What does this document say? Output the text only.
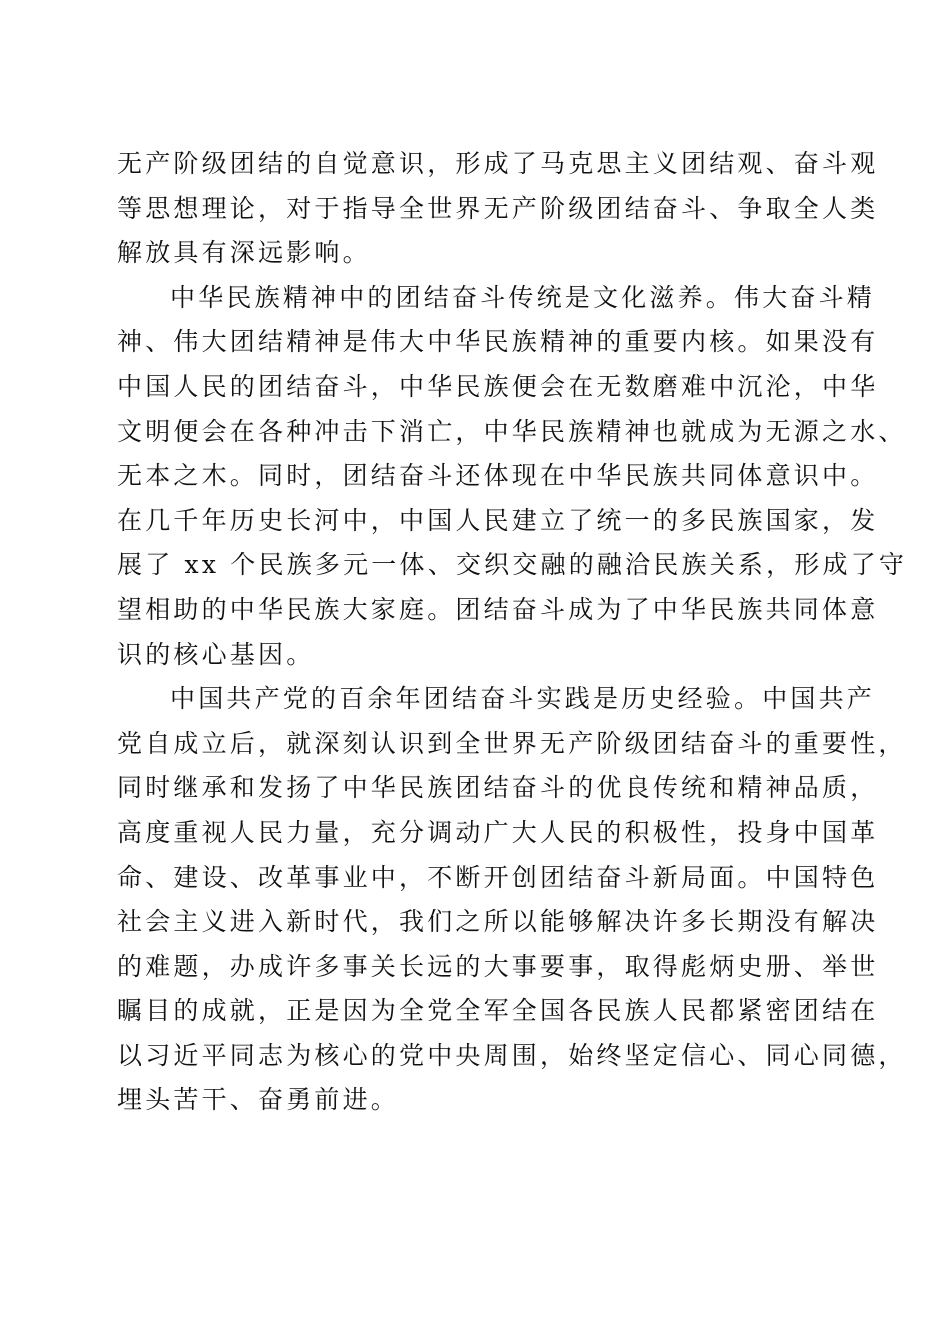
无产阶级团结的自觉意识，形成了马克思主义团结观、奋斗观
等思想理论，对于指导全世界无产阶级团结奋斗、争取全人类
解放具有深远影响。
中华民族精神中的团结奋斗传统是文化滋养。伟大奋斗精
神、伟大团结精神是伟大中华民族精神的重要内核。如果没有
中国人民的团结奋斗，中华民族便会在无数磨难中沉沦，中华
文明便会在各种冲击下消亡，中华民族精神也就成为无源之水、
无本之木。同时，团结奋斗还体现在中华民族共同体意识中。
在几千年历史长河中，中国人民建立了统一的多民族国家，发
展了 xx 个民族多元一体、交织交融的融洽民族关系，形成了守
望相助的中华民族大家庭。团结奋斗成为了中华民族共同体意
识的核心基因。
中国共产党的百余年团结奋斗实践是历史经验。中国共产
党自成立后，就深刻认识到全世界无产阶级团结奋斗的重要性，
同时继承和发扬了中华民族团结奋斗的优良传统和精神品质，
高度重视人民力量，充分调动广大人民的积极性，投身中国革
命、建设、改革事业中，不断开创团结奋斗新局面。中国特色
社会主义进入新时代，我们之所以能够解决许多长期没有解决
的难题，办成许多事关长远的大事要事，取得彪炳史册、举世
瞩目的成就，正是因为全党全军全国各民族人民都紧密团结在
以习近平同志为核心的党中央周围，始终坚定信心、同心同德，
埋头苦干、奋勇前进。
